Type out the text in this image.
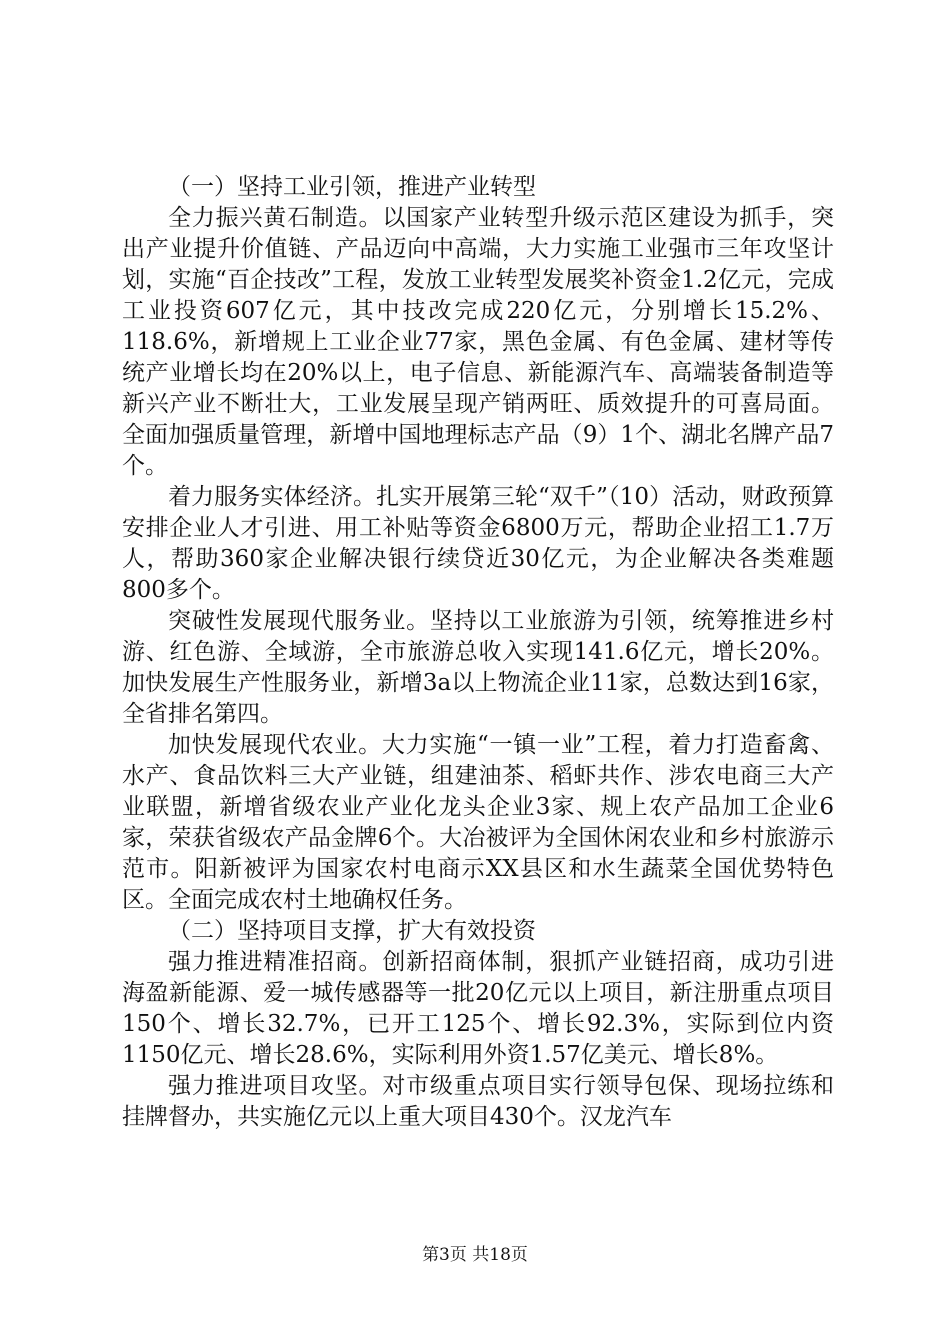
（一）坚持工业引领，推进产业转型

全力振兴黄石制造。以国家产业转型升级示范区建设为抓手，突出产业提升价值链、产品迈向中高端，大力实施工业强市三年攻坚计划，实施“百企技改”工程，发放工业转型发展奖补资金1.2亿元，完成工业投资607亿元，其中技改完成220亿元，分别增长15.2%、118.6%，新增规上工业企业77家，黑色金属、有色金属、建材等传统产业增长均在20%以上，电子信息、新能源汽车、高端装备制造等新兴产业不断壮大，工业发展呈现产销两旺、质效提升的可喜局面。全面加强质量管理，新增中国地理标志产品（9）1个、湖北名牌产品7个。

着力服务实体经济。扎实开展第三轮“双千”（10）活动，财政预算安排企业人才引进、用工补贴等资金6800万元，帮助企业招工1.7万人，帮助360家企业解决银行续贷近30亿元，为企业解决各类难题800多个。

突破性发展现代服务业。坚持以工业旅游为引领，统筹推进乡村游、红色游、全域游，全市旅游总收入实现141.6亿元，增长20%。加快发展生产性服务业，新增3a以上物流企业11家，总数达到16家，全省排名第四。

加快发展现代农业。大力实施“一镇一业”工程，着力打造畜禽、水产、食品饮料三大产业链，组建油茶、稻虾共作、涉农电商三大产业联盟，新增省级农业产业化龙头企业3家、规上农产品加工企业6家，荣获省级农产品金牌6个。大冶被评为全国休闲农业和乡村旅游示范市。阳新被评为国家农村电商示XX县区和水生蔬菜全国优势特色区。全面完成农村土地确权任务。

（二）坚持项目支撑，扩大有效投资

强力推进精准招商。创新招商体制，狠抓产业链招商，成功引进海盈新能源、爱一城传感器等一批20亿元以上项目，新注册重点项目150个、增长32.7%，已开工125个、增长92.3%，实际到位内资1150亿元、增长28.6%，实际利用外资1.57亿美元、增长8%。

强力推进项目攻坚。对市级重点项目实行领导包保、现场拉练和挂牌督办，共实施亿元以上重大项目430个。汉龙汽车

第3页 共18页
